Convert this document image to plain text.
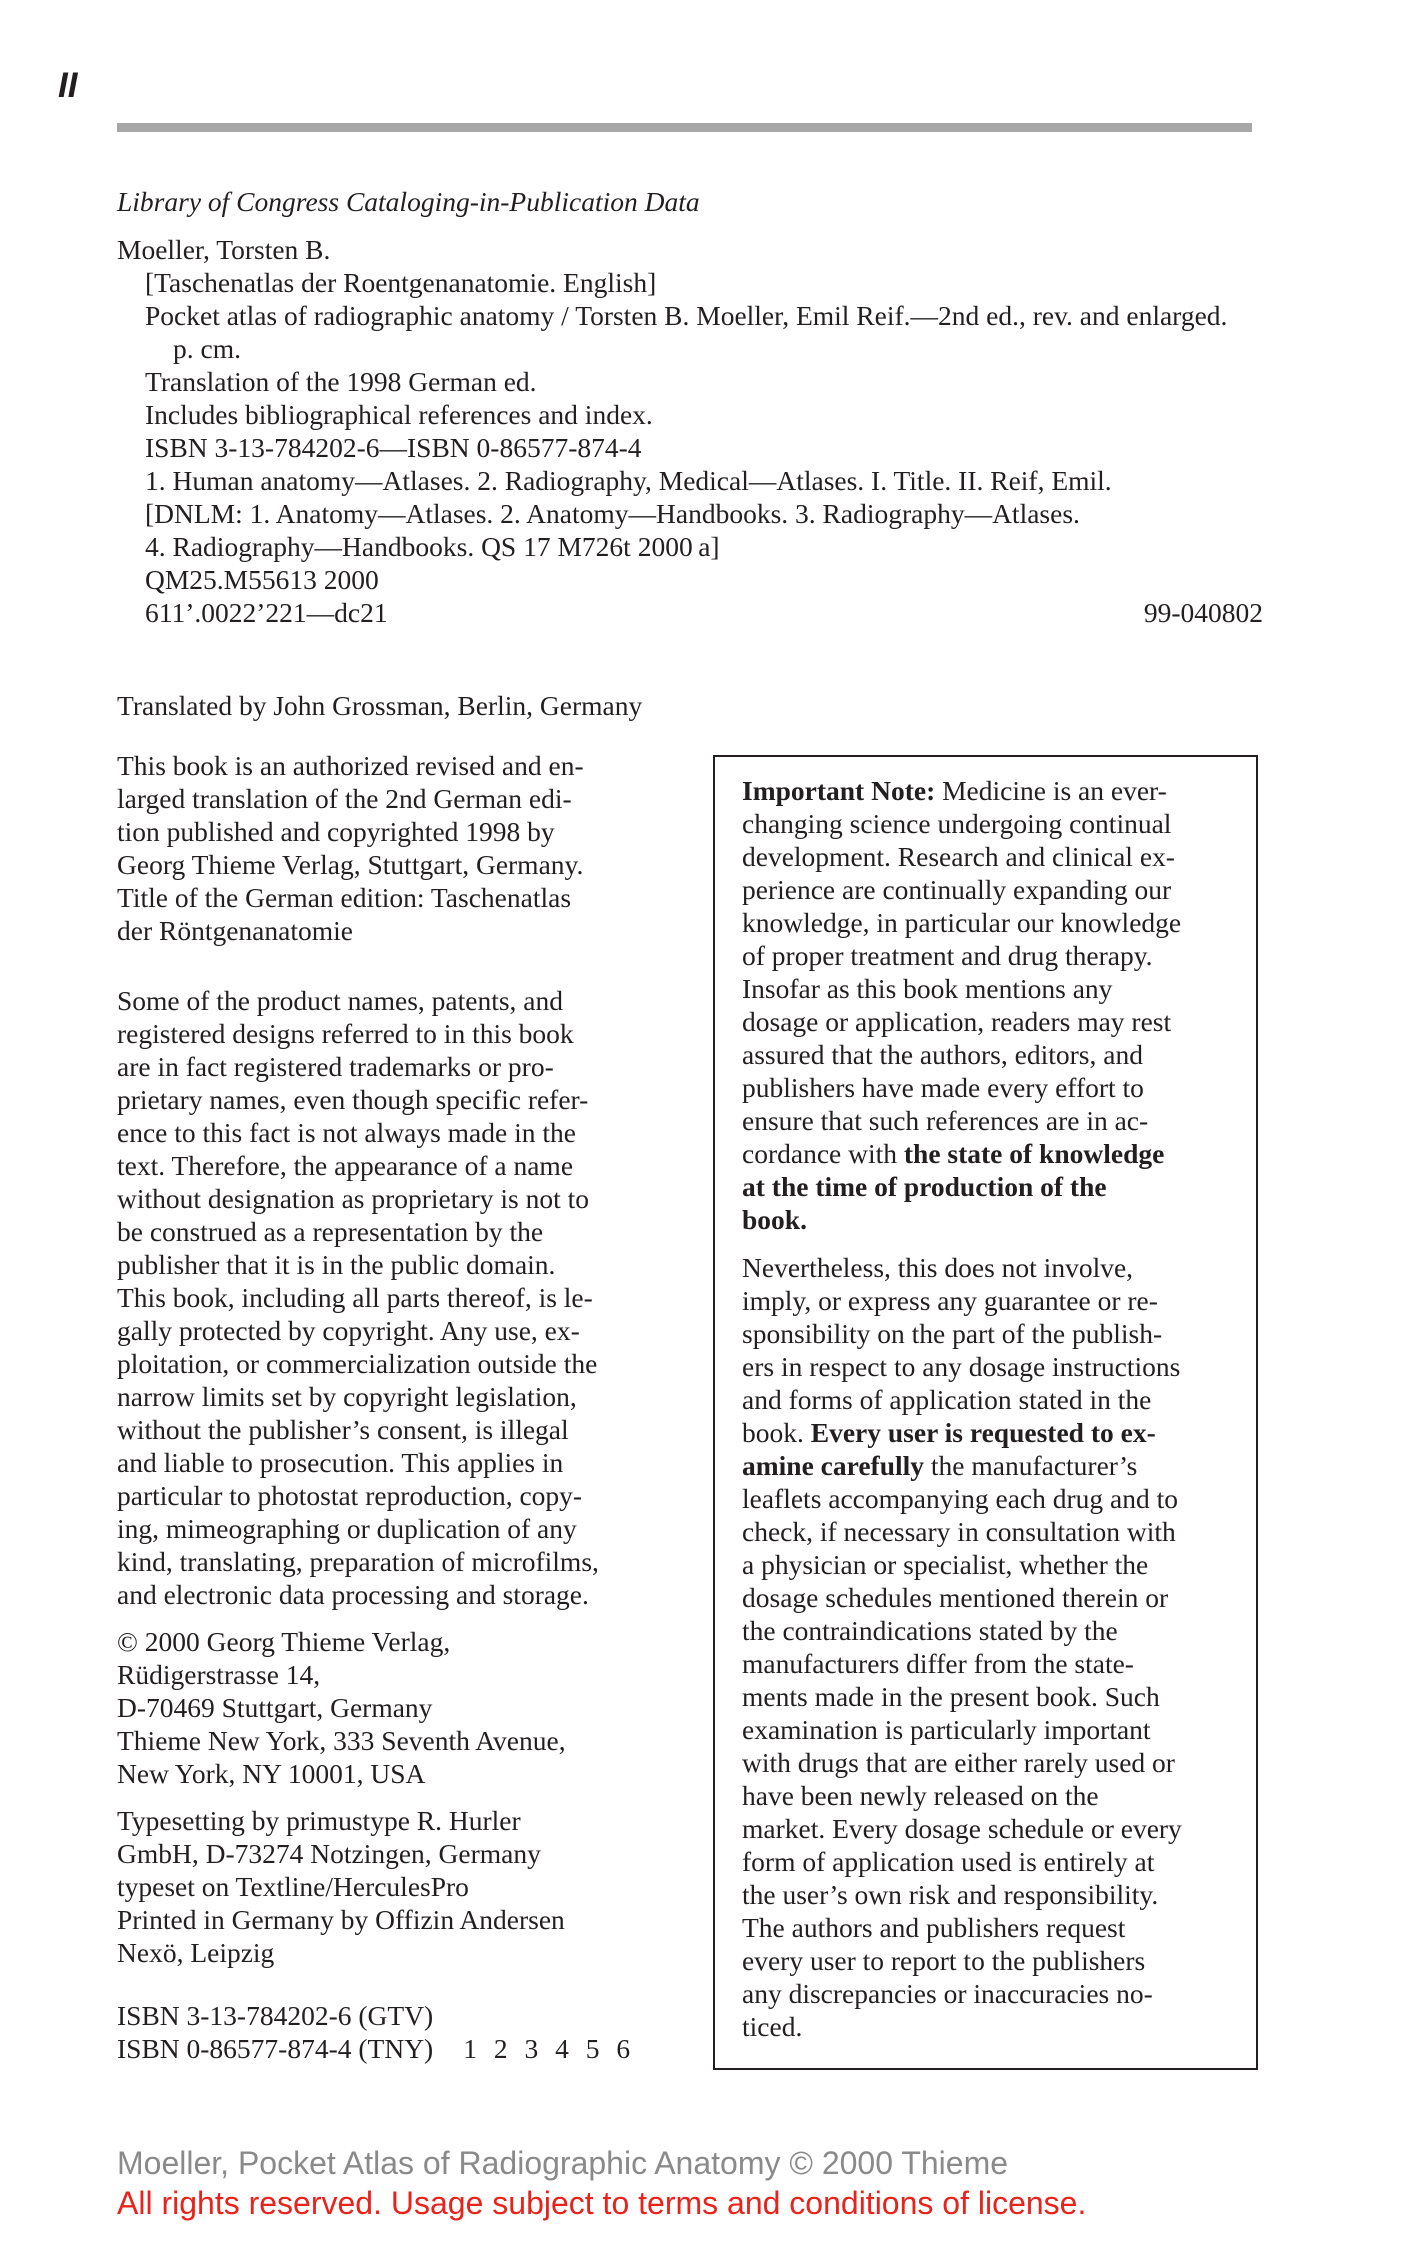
II
Library of Congress Cataloging-in-Publication Data
Moeller, Torsten B.
[Taschenatlas der Roentgenanatomie. English]
Pocket atlas of radiographic anatomy / Torsten B. Moeller, Emil Reif.—2nd ed., rev. and enlarged.
p. cm.
Translation of the 1998 German ed.
Includes bibliographical references and index.
ISBN 3-13-784202-6—ISBN 0-86577-874-4
1. Human anatomy—Atlases. 2. Radiography, Medical—Atlases. I. Title. II. Reif, Emil.
[DNLM: 1. Anatomy—Atlases. 2. Anatomy—Handbooks. 3. Radiography—Atlases.
4. Radiography—Handbooks. QS 17 M726t 2000 a]
QM25.M55613 2000
611’.0022’221—dc21	99-040802
Translated by John Grossman, Berlin, Germany
This book is an authorized revised and en-
larged translation of the 2nd German edi-
tion published and copyrighted 1998 by
Georg Thieme Verlag, Stuttgart, Germany.
Title of the German edition: Taschenatlas
der Röntgenanatomie
Some of the product names, patents, and
registered designs referred to in this book
are in fact registered trademarks or pro-
prietary names, even though specific refer-
ence to this fact is not always made in the
text. Therefore, the appearance of a name
without designation as proprietary is not to
be construed as a representation by the
publisher that it is in the public domain.
This book, including all parts thereof, is le-
gally protected by copyright. Any use, ex-
ploitation, or commercialization outside the
narrow limits set by copyright legislation,
without the publisher’s consent, is illegal
and liable to prosecution. This applies in
particular to photostat reproduction, copy-
ing, mimeographing or duplication of any
kind, translating, preparation of microfilms,
and electronic data processing and storage.
© 2000 Georg Thieme Verlag,
Rüdigerstrasse 14,
D-70469 Stuttgart, Germany
Thieme New York, 333 Seventh Avenue,
New York, NY 10001, USA
Typesetting by primustype R. Hurler
GmbH, D-73274 Notzingen, Germany
typeset on Textline/HerculesPro
Printed in Germany by Offizin Andersen
Nexö, Leipzig
ISBN 3-13-784202-6 (GTV)
ISBN 0-86577-874-4 (TNY) 1 2 3 4 5 6
Important Note: Medicine is an ever-
changing science undergoing continual
development. Research and clinical ex-
perience are continually expanding our
knowledge, in particular our knowledge
of proper treatment and drug therapy.
Insofar as this book mentions any
dosage or application, readers may rest
assured that the authors, editors, and
publishers have made every effort to
ensure that such references are in ac-
cordance with the state of knowledge
at the time of production of the
book.
Nevertheless, this does not involve,
imply, or express any guarantee or re-
sponsibility on the part of the publish-
ers in respect to any dosage instructions
and forms of application stated in the
book. Every user is requested to ex-
amine carefully the manufacturer’s
leaflets accompanying each drug and to
check, if necessary in consultation with
a physician or specialist, whether the
dosage schedules mentioned therein or
the contraindications stated by the
manufacturers differ from the state-
ments made in the present book. Such
examination is particularly important
with drugs that are either rarely used or
have been newly released on the
market. Every dosage schedule or every
form of application used is entirely at
the user’s own risk and responsibility.
The authors and publishers request
every user to report to the publishers
any discrepancies or inaccuracies no-
ticed.
Moeller, Pocket Atlas of Radiographic Anatomy © 2000 Thieme
All rights reserved. Usage subject to terms and conditions of license.
